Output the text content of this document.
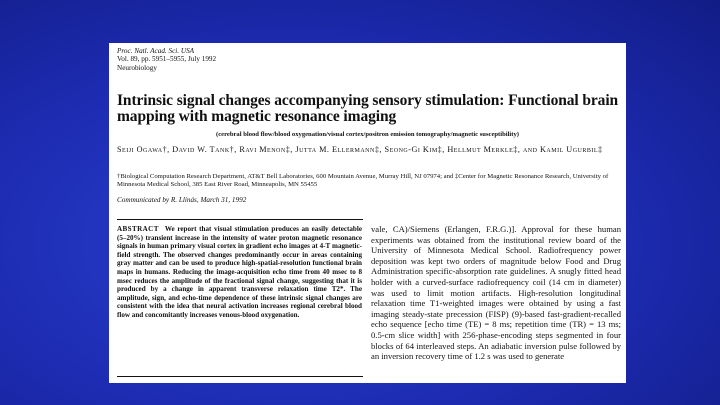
Proc. Natl. Acad. Sci. USA
Vol. 89, pp. 5951–5955, July 1992
Neurobiology
Intrinsic signal changes accompanying sensory stimulation: Functional brain mapping with magnetic resonance imaging
(cerebral blood flow/blood oxygenation/visual cortex/positron emission tomography/magnetic susceptibility)
Seiji Ogawa†, David W. Tank†, Ravi Menon‡, Jutta M. Ellermann‡, Seong-Gi Kim‡, Hellmut Merkle‡, and Kamil Ugurbil‡
†Biological Computation Research Department, AT&T Bell Laboratories, 600 Mountain Avenue, Murray Hill, NJ 07974; and ‡Center for Magnetic Resonance Research, University of Minnesota Medical School, 385 East River Road, Minneapolis, MN 55455
Communicated by R. Llinás, March 31, 1992
ABSTRACT We report that visual stimulation produces an easily detectable (5–20%) transient increase in the intensity of water proton magnetic resonance signals in human primary visual cortex in gradient echo images at 4-T magnetic-field strength. The observed changes predominantly occur in areas containing gray matter and can be used to produce high-spatial-resolution functional brain maps in humans. Reducing the image-acquisition echo time from 40 msec to 8 msec reduces the amplitude of the fractional signal change, suggesting that it is produced by a change in apparent transverse relaxation time T2*. The amplitude, sign, and echo-time dependence of these intrinsic signal changes are consistent with the idea that neural activation increases regional cerebral blood flow and concomitantly increases venous-blood oxygenation.
vale, CA)/Siemens (Erlangen, F.R.G.)]. Approval for these human experiments was obtained from the institutional review board of the University of Minnesota Medical School. Radiofrequency power deposition was kept two orders of magnitude below Food and Drug Administration specific-absorption rate guidelines. A snugly fitted head holder with a curved-surface radiofrequency coil (14 cm in diameter) was used to limit motion artifacts. High-resolution longitudinal relaxation time T1-weighted images were obtained by using a fast imaging steady-state precession (FISP) (9)-based fast-gradient-recalled echo sequence [echo time (TE) = 8 ms; repetition time (TR) = 13 ms; 0.5-cm slice width] with 256-phase-encoding steps segmented in four blocks of 64 interleaved steps. An adiabatic inversion pulse followed by an inversion recovery time of 1.2 s was used to generate
